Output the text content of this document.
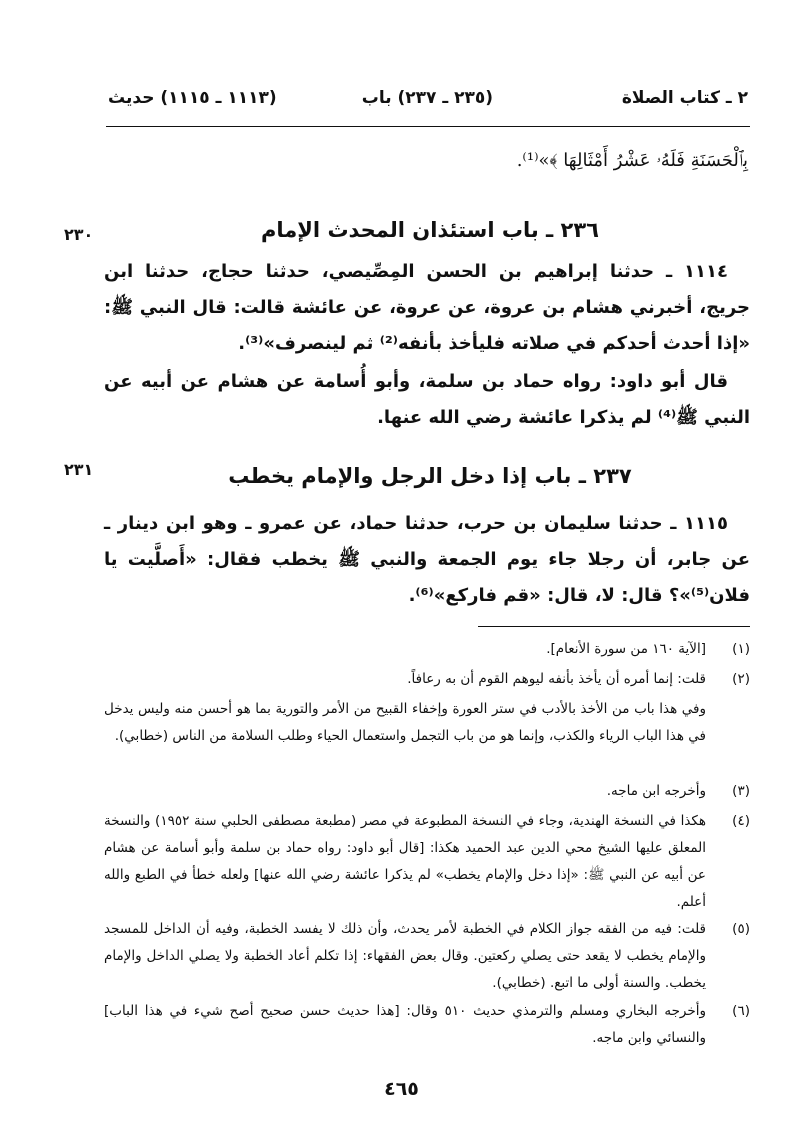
٢ ـ كتاب الصلاة
(٢٣٥ ـ ٢٣٧) باب
(١١١٣ ـ ١١١٥) حديث
بِٱلْحَسَنَةِ فَلَهُۥ عَشْرُ أَمْثَالِهَا ﴾»⁽¹⁾.
٢٣٠	٢٣٦ ـ باب استئذان المحدث الإمام
١١١٤ ـ حدثنا إبراهيم بن الحسن المِصِّيصي، حدثنا حجاج، حدثنا ابن جريج، أخبرني هشام بن عروة، عن عروة، عن عائشة قالت: قال النبي ﷺ: «إذا أحدث أحدكم في صلاته فليأخذ بأنفه⁽²⁾ ثم لينصرف»⁽³⁾.
قال أبو داود: رواه حماد بن سلمة، وأبو أُسامة عن هشام عن أبيه عن النبي ﷺ⁽⁴⁾ لم يذكرا عائشة رضي الله عنها.
٢٣١	٢٣٧ ـ باب إذا دخل الرجل والإمام يخطب
١١١٥ ـ حدثنا سليمان بن حرب، حدثنا حماد، عن عمرو ـ وهو ابن دينار ـ عن جابر، أن رجلا جاء يوم الجمعة والنبي ﷺ يخطب فقال: «أَصلَّيت يا فلان⁽⁵⁾»؟ قال: لا، قال: «قم فاركع»⁽⁶⁾.
(١)
[الآية ١٦٠ من سورة الأنعام].
(٢)
قلت: إنما أمره أن يأخذ بأنفه ليوهم القوم أن به رعافاً.
وفي هذا باب من الأخذ بالأدب في ستر العورة وإخفاء القبيح من الأمر والتورية بما هو أحسن منه وليس يدخل في هذا الباب الرياء والكذب، وإنما هو من باب التجمل واستعمال الحياء وطلب السلامة من الناس (خطابي).
(٣)
وأخرجه ابن ماجه.
(٤)
هكذا في النسخة الهندية، وجاء في النسخة المطبوعة في مصر (مطبعة مصطفى الحلبي سنة ١٩٥٢) والنسخة المعلق عليها الشيخ محي الدين عبد الحميد هكذا: [قال أبو داود: رواه حماد بن سلمة وأبو أسامة عن هشام عن أبيه عن النبي ﷺ: «إذا دخل والإمام يخطب» لم يذكرا عائشة رضي الله عنها] ولعله خطأ في الطبع والله أعلم.
(٥)
قلت: فيه من الفقه جواز الكلام في الخطبة لأمر يحدث، وأن ذلك لا يفسد الخطبة، وفيه أن الداخل للمسجد والإمام يخطب لا يقعد حتى يصلي ركعتين. وقال بعض الفقهاء: إذا تكلم أعاد الخطبة ولا يصلي الداخل والإمام يخطب. والسنة أولى ما اتبع. (خطابي).
(٦)
وأخرجه البخاري ومسلم والترمذي حديث ٥١٠ وقال: [هذا حديث حسن صحيح أصح شيء في هذا الباب] والنسائي وابن ماجه.
٤٦٥
